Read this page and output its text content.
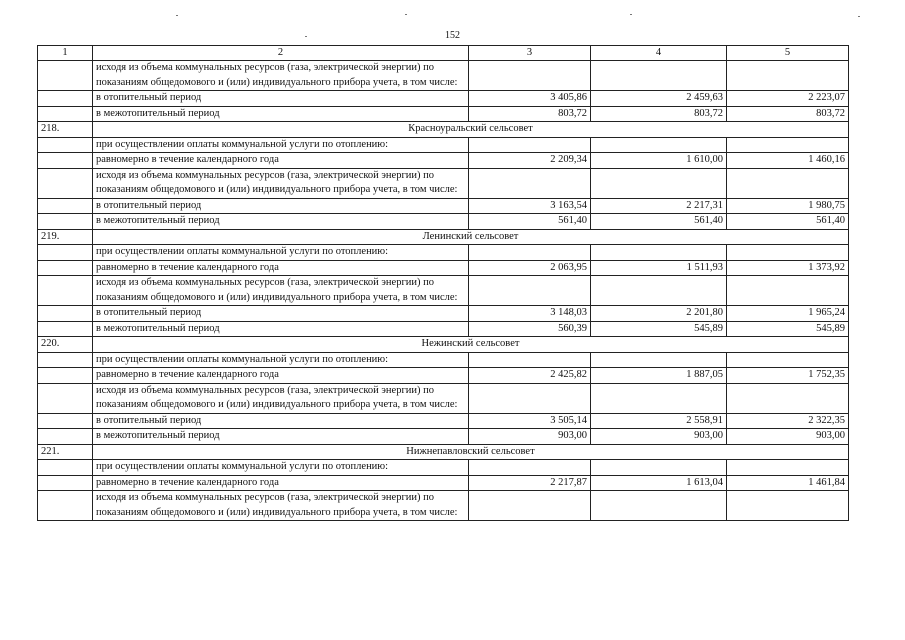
152
1	2	3	4	5
	исходя из объема коммунальных ресурсов (газа, электрической энергии) по показаниям общедомового и (или) индивидуального прибора учета, в том числе:			
	в отопительный период	3 405,86	2 459,63	2 223,07
	в межотопительный период	803,72	803,72	803,72
218.	Красноуральский сельсовет			
	при осуществлении оплаты коммунальной услуги по отоплению:			
	равномерно в течение календарного года	2 209,34	1 610,00	1 460,16
	исходя из объема коммунальных ресурсов (газа, электрической энергии) по показаниям общедомового и (или) индивидуального прибора учета, в том числе:			
	в отопительный период	3 163,54	2 217,31	1 980,75
	в межотопительный период	561,40	561,40	561,40
219.	Ленинский сельсовет			
	при осуществлении оплаты коммунальной услуги по отоплению:			
	равномерно в течение календарного года	2 063,95	1 511,93	1 373,92
	исходя из объема коммунальных ресурсов (газа, электрической энергии) по показаниям общедомового и (или) индивидуального прибора учета, в том числе:			
	в отопительный период	3 148,03	2 201,80	1 965,24
	в межотопительный период	560,39	545,89	545,89
220.	Нежинский сельсовет			
	при осуществлении оплаты коммунальной услуги по отоплению:			
	равномерно в течение календарного года	2 425,82	1 887,05	1 752,35
	исходя из объема коммунальных ресурсов (газа, электрической энергии) по показаниям общедомового и (или) индивидуального прибора учета, в том числе:			
	в отопительный период	3 505,14	2 558,91	2 322,35
	в межотопительный период	903,00	903,00	903,00
221.	Нижнепавловский сельсовет			
	при осуществлении оплаты коммунальной услуги по отоплению:			
	равномерно в течение календарного года	2 217,87	1 613,04	1 461,84
	исходя из объема коммунальных ресурсов (газа, электрической энергии) по показаниям общедомового и (или) индивидуального прибора учета, в том числе:			
